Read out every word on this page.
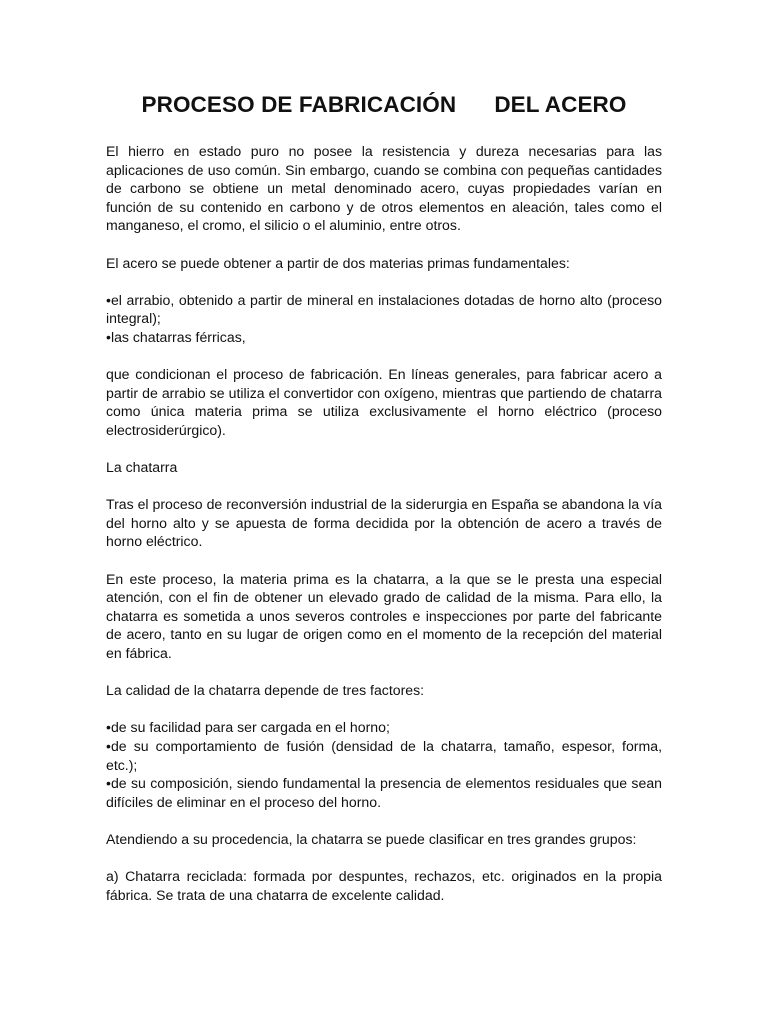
PROCESO DE FABRICACIÓN      DEL ACERO

El hierro en estado puro no posee la resistencia y dureza necesarias para las aplicaciones de uso común. Sin embargo, cuando se combina con pequeñas cantidades de carbono se obtiene un metal denominado acero, cuyas propiedades varían en función de su contenido en carbono y de otros elementos en aleación, tales como el manganeso, el cromo, el silicio o el aluminio, entre otros.

El acero se puede obtener a partir de dos materias primas fundamentales:

•el arrabio, obtenido a partir de mineral en instalaciones dotadas de horno alto (proceso integral);

•las chatarras férricas,

que condicionan el proceso de fabricación. En líneas generales, para fabricar acero a partir de arrabio se utiliza el convertidor con oxígeno, mientras que partiendo de chatarra como única materia prima se utiliza exclusivamente el horno eléctrico (proceso electrosiderúrgico).

La chatarra

Tras el proceso de reconversión industrial de la siderurgia en España se abandona la vía del horno alto y se apuesta de forma decidida por la obtención de acero a través de horno eléctrico.

En este proceso, la materia prima es la chatarra, a la que se le presta una especial atención, con el fin de obtener un elevado grado de calidad de la misma. Para ello, la chatarra es sometida a unos severos controles e inspecciones por parte del fabricante de acero, tanto en su lugar de origen como en el momento de la recepción del material en fábrica.

La calidad de la chatarra depende de tres factores:

•de su facilidad para ser cargada en el horno;

•de su comportamiento de fusión (densidad de la chatarra, tamaño, espesor, forma, etc.);

•de su composición, siendo fundamental la presencia de elementos residuales que sean difíciles de eliminar en el proceso del horno.

Atendiendo a su procedencia, la chatarra se puede clasificar en tres grandes grupos:

a) Chatarra reciclada: formada por despuntes, rechazos, etc. originados en la propia fábrica. Se trata de una chatarra de excelente calidad.
